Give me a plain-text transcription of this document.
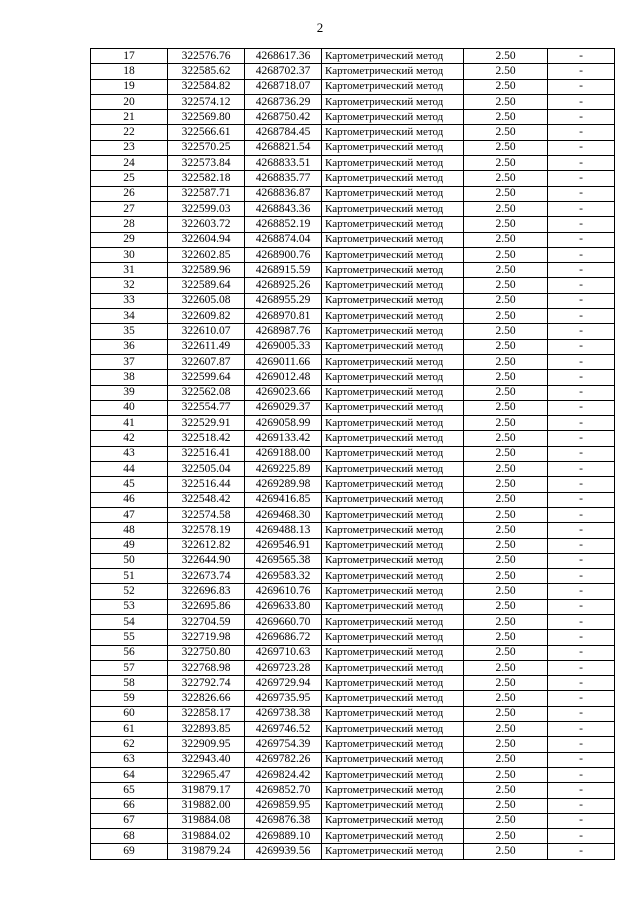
2
17	322576.76	4268617.36	Картометрический метод	2.50	-
18	322585.62	4268702.37	Картометрический метод	2.50	-
19	322584.82	4268718.07	Картометрический метод	2.50	-
20	322574.12	4268736.29	Картометрический метод	2.50	-
21	322569.80	4268750.42	Картометрический метод	2.50	-
22	322566.61	4268784.45	Картометрический метод	2.50	-
23	322570.25	4268821.54	Картометрический метод	2.50	-
24	322573.84	4268833.51	Картометрический метод	2.50	-
25	322582.18	4268835.77	Картометрический метод	2.50	-
26	322587.71	4268836.87	Картометрический метод	2.50	-
27	322599.03	4268843.36	Картометрический метод	2.50	-
28	322603.72	4268852.19	Картометрический метод	2.50	-
29	322604.94	4268874.04	Картометрический метод	2.50	-
30	322602.85	4268900.76	Картометрический метод	2.50	-
31	322589.96	4268915.59	Картометрический метод	2.50	-
32	322589.64	4268925.26	Картометрический метод	2.50	-
33	322605.08	4268955.29	Картометрический метод	2.50	-
34	322609.82	4268970.81	Картометрический метод	2.50	-
35	322610.07	4268987.76	Картометрический метод	2.50	-
36	322611.49	4269005.33	Картометрический метод	2.50	-
37	322607.87	4269011.66	Картометрический метод	2.50	-
38	322599.64	4269012.48	Картометрический метод	2.50	-
39	322562.08	4269023.66	Картометрический метод	2.50	-
40	322554.77	4269029.37	Картометрический метод	2.50	-
41	322529.91	4269058.99	Картометрический метод	2.50	-
42	322518.42	4269133.42	Картометрический метод	2.50	-
43	322516.41	4269188.00	Картометрический метод	2.50	-
44	322505.04	4269225.89	Картометрический метод	2.50	-
45	322516.44	4269289.98	Картометрический метод	2.50	-
46	322548.42	4269416.85	Картометрический метод	2.50	-
47	322574.58	4269468.30	Картометрический метод	2.50	-
48	322578.19	4269488.13	Картометрический метод	2.50	-
49	322612.82	4269546.91	Картометрический метод	2.50	-
50	322644.90	4269565.38	Картометрический метод	2.50	-
51	322673.74	4269583.32	Картометрический метод	2.50	-
52	322696.83	4269610.76	Картометрический метод	2.50	-
53	322695.86	4269633.80	Картометрический метод	2.50	-
54	322704.59	4269660.70	Картометрический метод	2.50	-
55	322719.98	4269686.72	Картометрический метод	2.50	-
56	322750.80	4269710.63	Картометрический метод	2.50	-
57	322768.98	4269723.28	Картометрический метод	2.50	-
58	322792.74	4269729.94	Картометрический метод	2.50	-
59	322826.66	4269735.95	Картометрический метод	2.50	-
60	322858.17	4269738.38	Картометрический метод	2.50	-
61	322893.85	4269746.52	Картометрический метод	2.50	-
62	322909.95	4269754.39	Картометрический метод	2.50	-
63	322943.40	4269782.26	Картометрический метод	2.50	-
64	322965.47	4269824.42	Картометрический метод	2.50	-
65	319879.17	4269852.70	Картометрический метод	2.50	-
66	319882.00	4269859.95	Картометрический метод	2.50	-
67	319884.08	4269876.38	Картометрический метод	2.50	-
68	319884.02	4269889.10	Картометрический метод	2.50	-
69	319879.24	4269939.56	Картометрический метод	2.50	-
